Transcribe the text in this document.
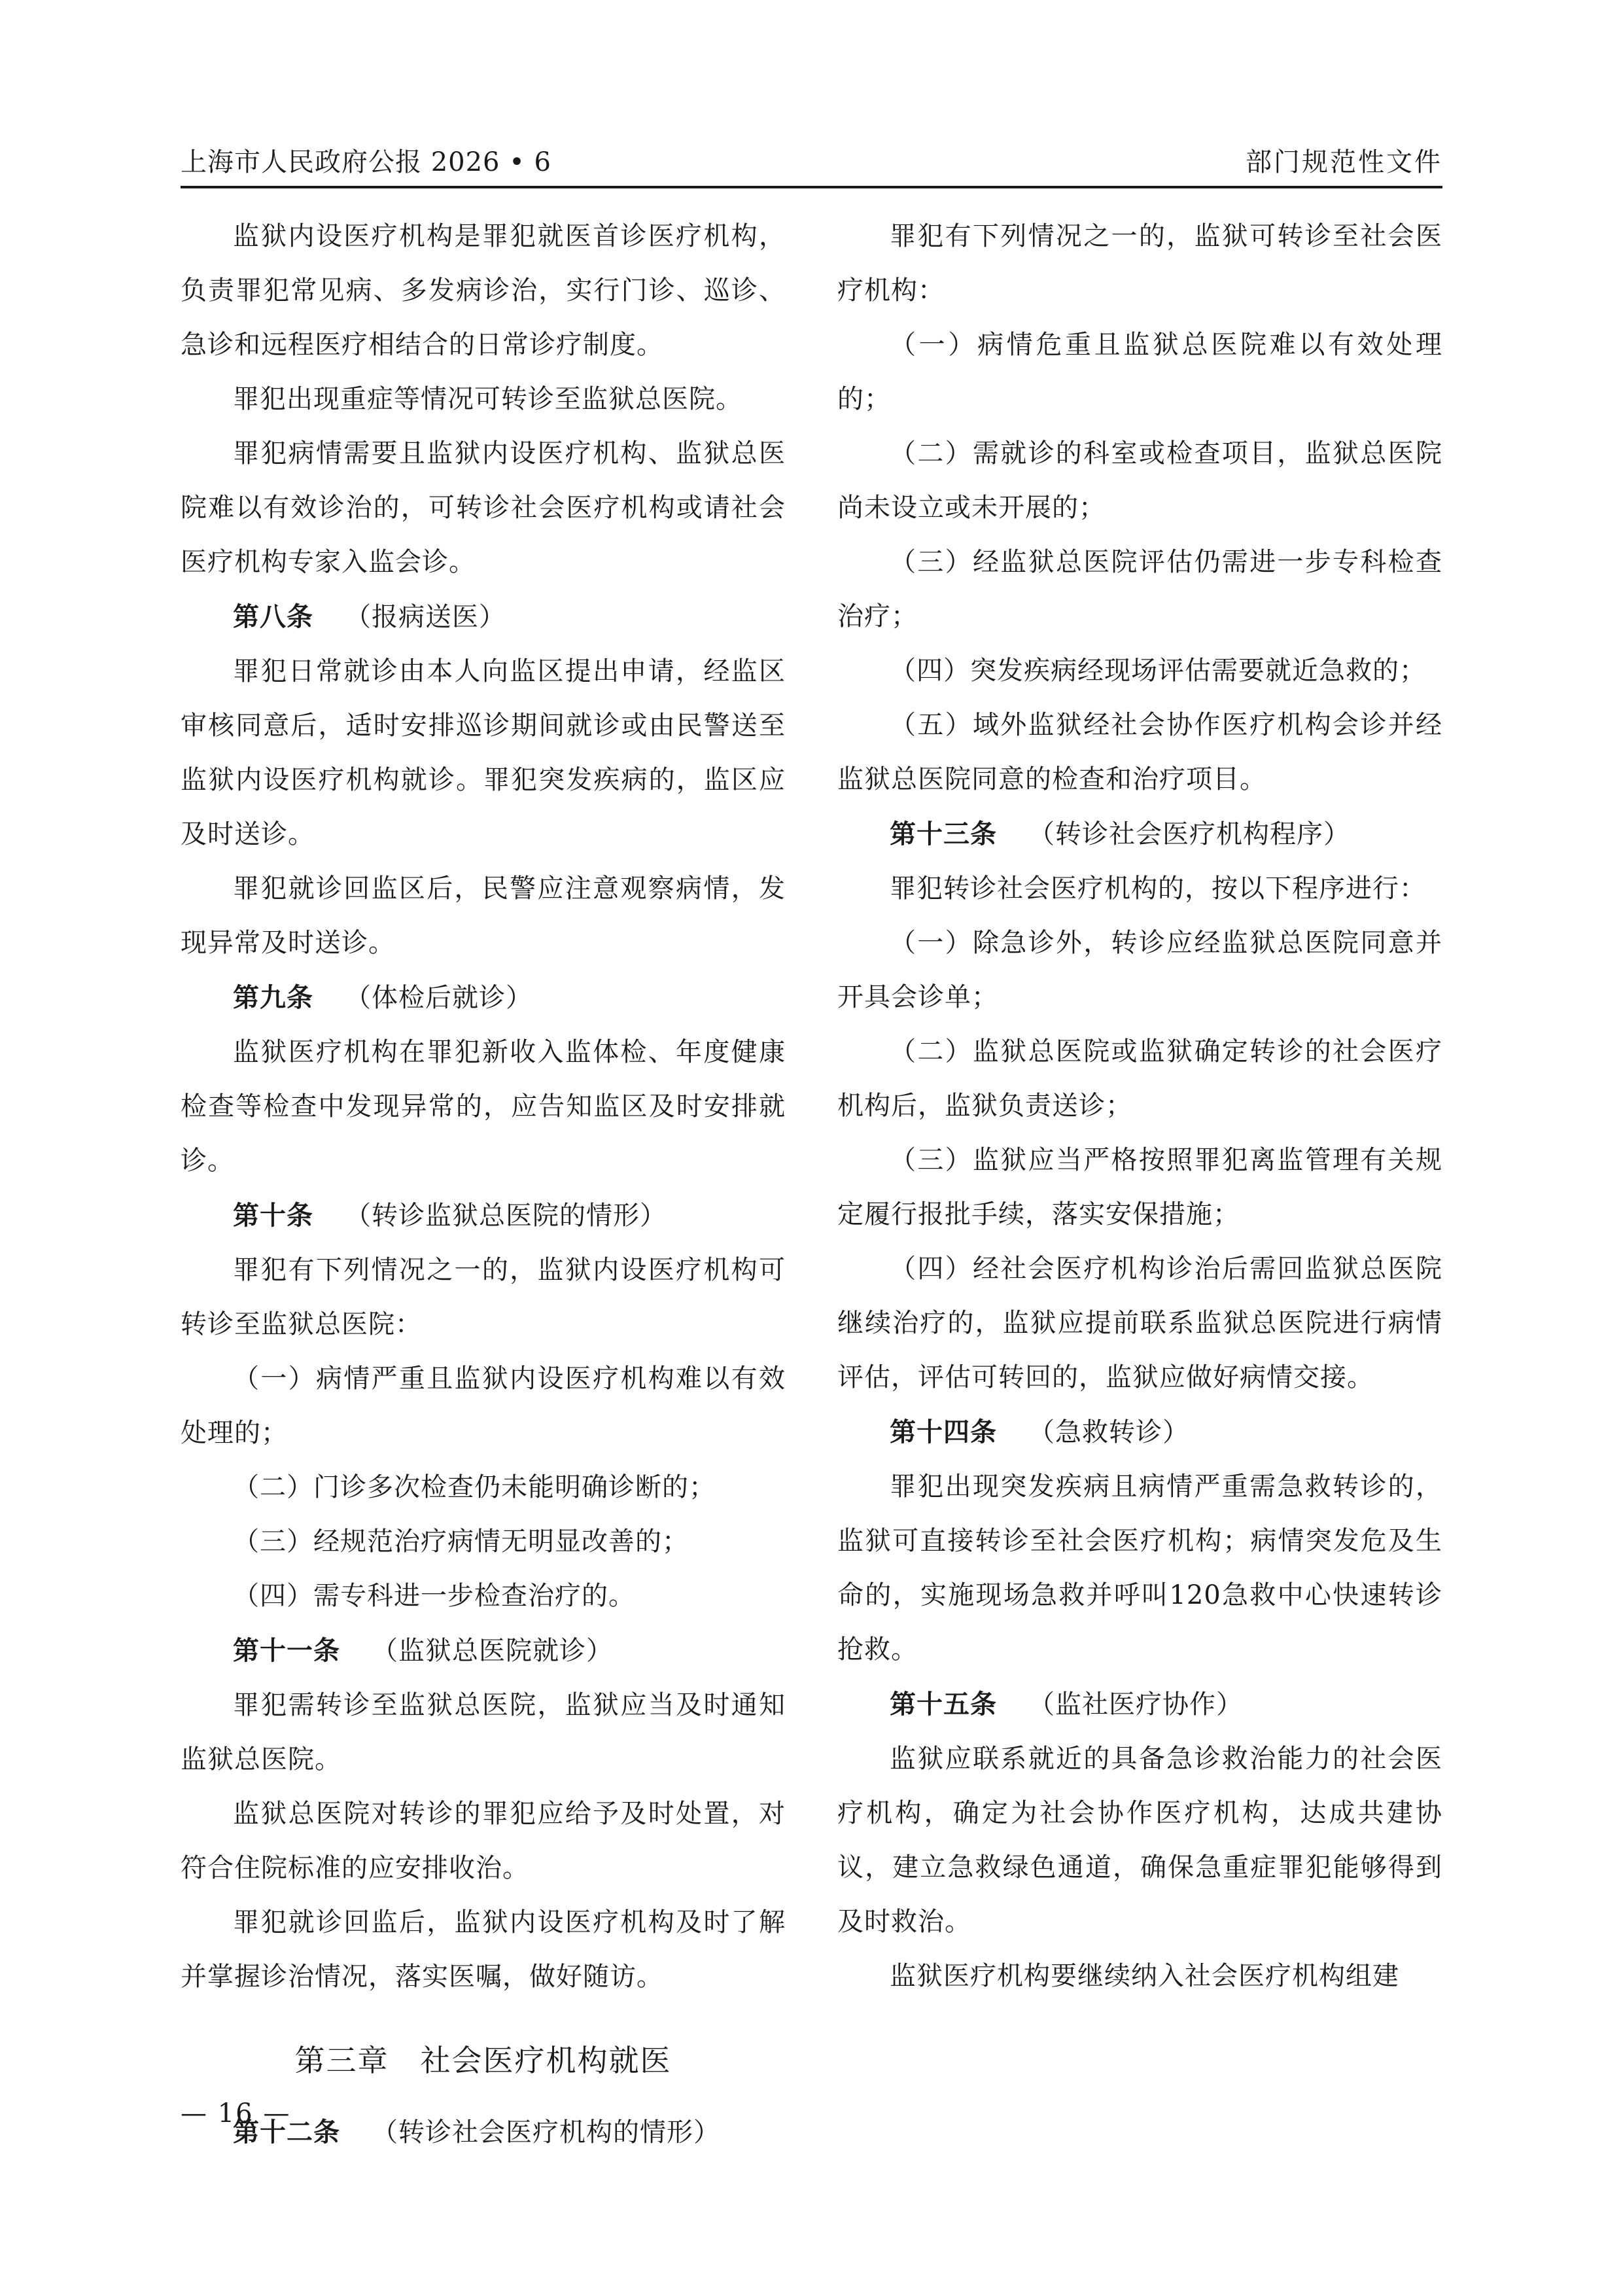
上海市人民政府公报 2026 • 6	部门规范性文件

监狱内设医疗机构是罪犯就医首诊医疗机构，负责罪犯常见病、多发病诊治，实行门诊、巡诊、急诊和远程医疗相结合的日常诊疗制度。

罪犯出现重症等情况可转诊至监狱总医院。

罪犯病情需要且监狱内设医疗机构、监狱总医院难以有效诊治的，可转诊社会医疗机构或请社会医疗机构专家入监会诊。

第八条 （报病送医）

罪犯日常就诊由本人向监区提出申请，经监区审核同意后，适时安排巡诊期间就诊或由民警送至监狱内设医疗机构就诊。罪犯突发疾病的，监区应及时送诊。

罪犯就诊回监区后，民警应注意观察病情，发现异常及时送诊。

第九条 （体检后就诊）

监狱医疗机构在罪犯新收入监体检、年度健康检查等检查中发现异常的，应告知监区及时安排就诊。

第十条 （转诊监狱总医院的情形）

罪犯有下列情况之一的，监狱内设医疗机构可转诊至监狱总医院：

（一）病情严重且监狱内设医疗机构难以有效处理的；

（二）门诊多次检查仍未能明确诊断的；

（三）经规范治疗病情无明显改善的；

（四）需专科进一步检查治疗的。

第十一条 （监狱总医院就诊）

罪犯需转诊至监狱总医院，监狱应当及时通知监狱总医院。

监狱总医院对转诊的罪犯应给予及时处置，对符合住院标准的应安排收治。

罪犯就诊回监后，监狱内设医疗机构及时了解并掌握诊治情况，落实医嘱，做好随访。

第三章　社会医疗机构就医

第十二条 （转诊社会医疗机构的情形）

罪犯有下列情况之一的，监狱可转诊至社会医疗机构：

（一）病情危重且监狱总医院难以有效处理的；

（二）需就诊的科室或检查项目，监狱总医院尚未设立或未开展的；

（三）经监狱总医院评估仍需进一步专科检查治疗；

（四）突发疾病经现场评估需要就近急救的；

（五）域外监狱经社会协作医疗机构会诊并经监狱总医院同意的检查和治疗项目。

第十三条 （转诊社会医疗机构程序）

罪犯转诊社会医疗机构的，按以下程序进行：

（一）除急诊外，转诊应经监狱总医院同意并开具会诊单；

（二）监狱总医院或监狱确定转诊的社会医疗机构后，监狱负责送诊；

（三）监狱应当严格按照罪犯离监管理有关规定履行报批手续，落实安保措施；

（四）经社会医疗机构诊治后需回监狱总医院继续治疗的，监狱应提前联系监狱总医院进行病情评估，评估可转回的，监狱应做好病情交接。

第十四条 （急救转诊）

罪犯出现突发疾病且病情严重需急救转诊的，监狱可直接转诊至社会医疗机构；病情突发危及生命的，实施现场急救并呼叫120急救中心快速转诊抢救。

第十五条 （监社医疗协作）

监狱应联系就近的具备急诊救治能力的社会医疗机构，确定为社会协作医疗机构，达成共建协议，建立急救绿色通道，确保急重症罪犯能够得到及时救治。

监狱医疗机构要继续纳入社会医疗机构组建

— 16 —
